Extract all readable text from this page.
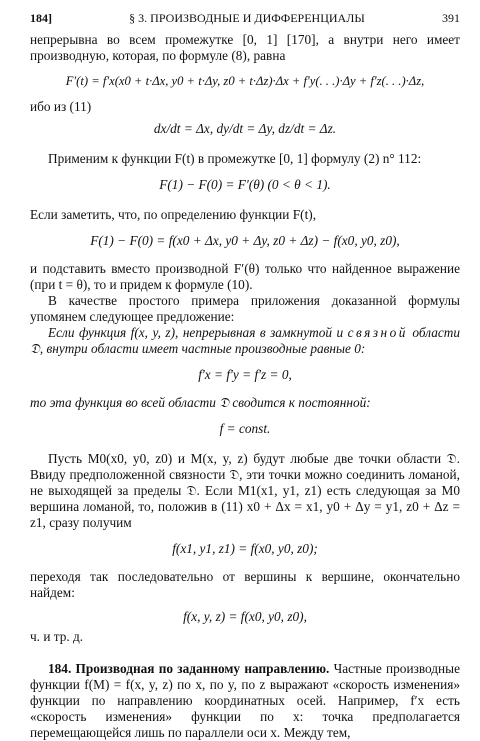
184]	§ 3. ПРОИЗВОДНЫЕ И ДИФФЕРЕНЦИАЛЫ	391

непрерывна во всем промежутке [0, 1] [170], а внутри него имеет производную, которая, по формуле (8), равна

F′(t) = f′x(x0 + t·Δx, y0 + t·Δy, z0 + t·Δz)·Δx + f′y(. . .)·Δy + f′z(. . .)·Δz,

ибо из (11)

dx/dt = Δx, dy/dt = Δy, dz/dt = Δz.

Применим к функции F(t) в промежутке [0, 1] формулу (2) n° 112:

F(1) − F(0) = F′(θ) (0 < θ < 1).

Если заметить, что, по определению функции F(t),

F(1) − F(0) = f(x0 + Δx, y0 + Δy, z0 + Δz) − f(x0, y0, z0),

и подставить вместо производной F′(θ) только что найденное выражение (при t = θ), то и придем к формуле (10).

В качестве простого примера приложения доказанной формулы упомянем следующее предложение:

Если функция f(x, y, z), непрерывная в замкнутой и связной области 𝔇, внутри области имеет частные производные равные 0:

f′x = f′y = f′z = 0,

то эта функция во всей области 𝔇 сводится к постоянной:

f = const.

Пусть M0(x0, y0, z0) и M(x, y, z) будут любые две точки области 𝔇. Ввиду предположенной связности 𝔇, эти точки можно соединить ломаной, не выходящей за пределы 𝔇. Если M1(x1, y1, z1) есть следующая за M0 вершина ломаной, то, положив в (11) x0 + Δx = x1, y0 + Δy = y1, z0 + Δz = z1, сразу получим

f(x1, y1, z1) = f(x0, y0, z0);

переходя так последовательно от вершины к вершине, окончательно найдем:

f(x, y, z) = f(x0, y0, z0),

ч. и тр. д.

184. Производная по заданному направлению. Частные производные функции f(M) = f(x, y, z) по x, по y, по z выражают «скорость изменения» функции по направлению координатных осей. Например, f′x есть «скорость изменения» функции по x: точка предполагается перемещающейся лишь по параллели оси x. Между тем,
